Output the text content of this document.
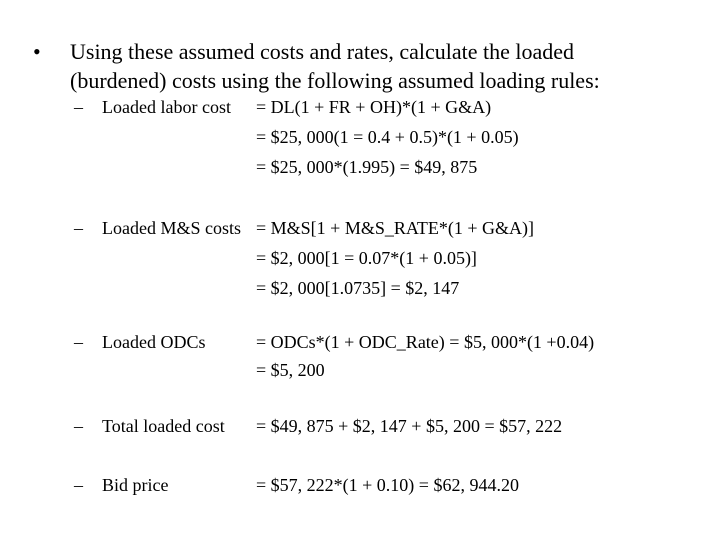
• Using these assumed costs and rates, calculate the loaded
(burdened) costs using the following assumed loading rules:
– Loaded labor cost = DL(1 + FR + OH)*(1 + G&A)
= $25, 000(1 = 0.4 + 0.5)*(1 + 0.05)
= $25, 000*(1.995) = $49, 875
– Loaded M&S costs = M&S[1 + M&S_RATE*(1 + G&A)]
= $2, 000[1 = 0.07*(1 + 0.05)]
= $2, 000[1.0735] = $2, 147
– Loaded ODCs	= ODCs*(1 + ODC_Rate) = $5, 000*(1 +0.04)
= $5, 200
– Total loaded cost = $49, 875 + $2, 147 + $5, 200 = $57, 222
– Bid price	= $57, 222*(1 + 0.10) = $62, 944.20
